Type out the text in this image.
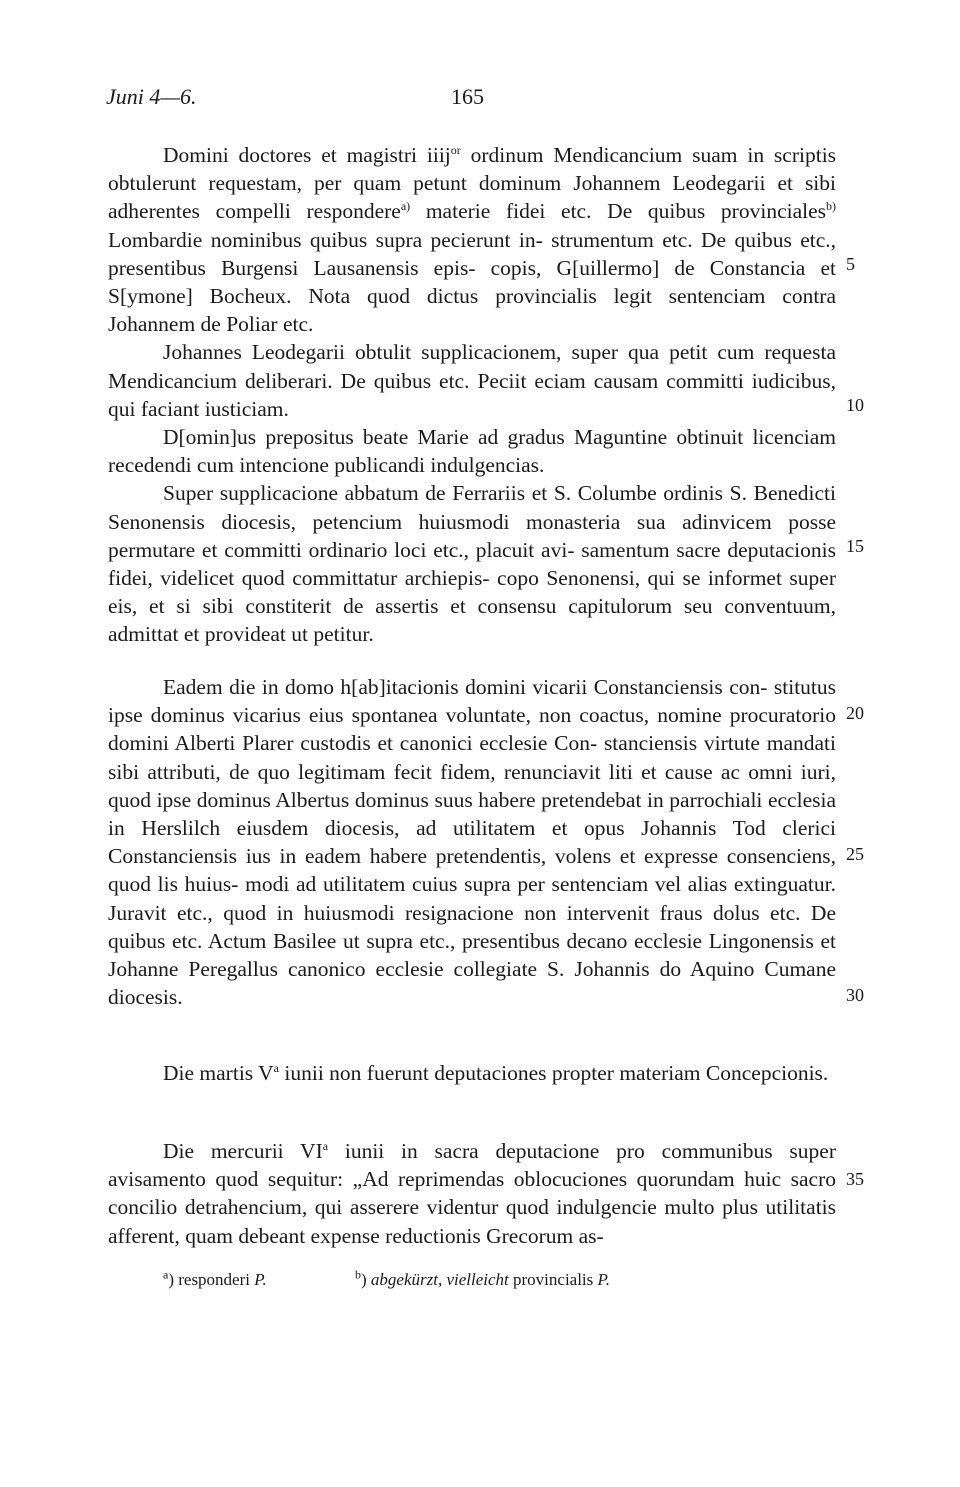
Juni 4—6.	165

Domini doctores et magistri iiij$^{or}$ ordinum Mendicancium suam in scriptis obtulerunt requestam, per quam petunt dominum Johannem Leodegarii et sibi adherentes compelli respondere$^{a)}$ materie fidei etc. De quibus provinciales$^{b)}$ Lombardie nominibus quibus supra pecierunt in- strumentum etc. De quibus etc., presentibus Burgensi Lausanensis epis- copis, G[uillermo] de Constancia et S[ymone] Bocheux. Nota quod dictus provincialis legit sentenciam contra Johannem de Poliar etc.

Johannes Leodegarii obtulit supplicacionem, super qua petit cum requesta Mendicancium deliberari. De quibus etc. Peciit eciam causam committi iudicibus, qui faciant iusticiam.

D[omin]us prepositus beate Marie ad gradus Maguntine obtinuit licenciam recedendi cum intencione publicandi indulgencias.

Super supplicacione abbatum de Ferrariis et S. Columbe ordinis S. Benedicti Senonensis diocesis, petencium huiusmodi monasteria sua adinvicem posse permutare et committi ordinario loci etc., placuit avi- samentum sacre deputacionis fidei, videlicet quod committatur archiepis- copo Senonensi, qui se informet super eis, et si sibi constiterit de assertis et consensu capitulorum seu conventuum, admittat et provideat ut petitur.

Eadem die in domo h[ab]itacionis domini vicarii Constanciensis con- stitutus ipse dominus vicarius eius spontanea voluntate, non coactus, nomine procuratorio domini Alberti Plarer custodis et canonici ecclesie Con- stanciensis virtute mandati sibi attributi, de quo legitimam fecit fidem, renunciavit liti et cause ac omni iuri, quod ipse dominus Albertus dominus suus habere pretendebat in parrochiali ecclesia in Herslilch eiusdem diocesis, ad utilitatem et opus Johannis Tod clerici Constanciensis ius in eadem habere pretendentis, volens et expresse consenciens, quod lis huius- modi ad utilitatem cuius supra per sentenciam vel alias extinguatur. Juravit etc., quod in huiusmodi resignacione non intervenit fraus dolus etc. De quibus etc. Actum Basilee ut supra etc., presentibus decano ecclesie Lingonensis et Johanne Peregallus canonico ecclesie collegiate S. Johannis do Aquino Cumane diocesis.

Die martis $V^a$ iunii non fuerunt deputaciones propter materiam Concepcionis.

Die mercurii $VI^a$ iunii in sacra deputacione pro communibus super avisamento quod sequitur: „Ad reprimendas oblocuciones quorundam huic sacro concilio detrahencium, qui asserere videntur quod indulgencie multo plus utilitatis afferent, quam debeant expense reductionis Grecorum as-

5
10
15
20
25
30
35
$^a$) responderi P.	$^b$) abgekürzt, vielleicht provincialis P.
